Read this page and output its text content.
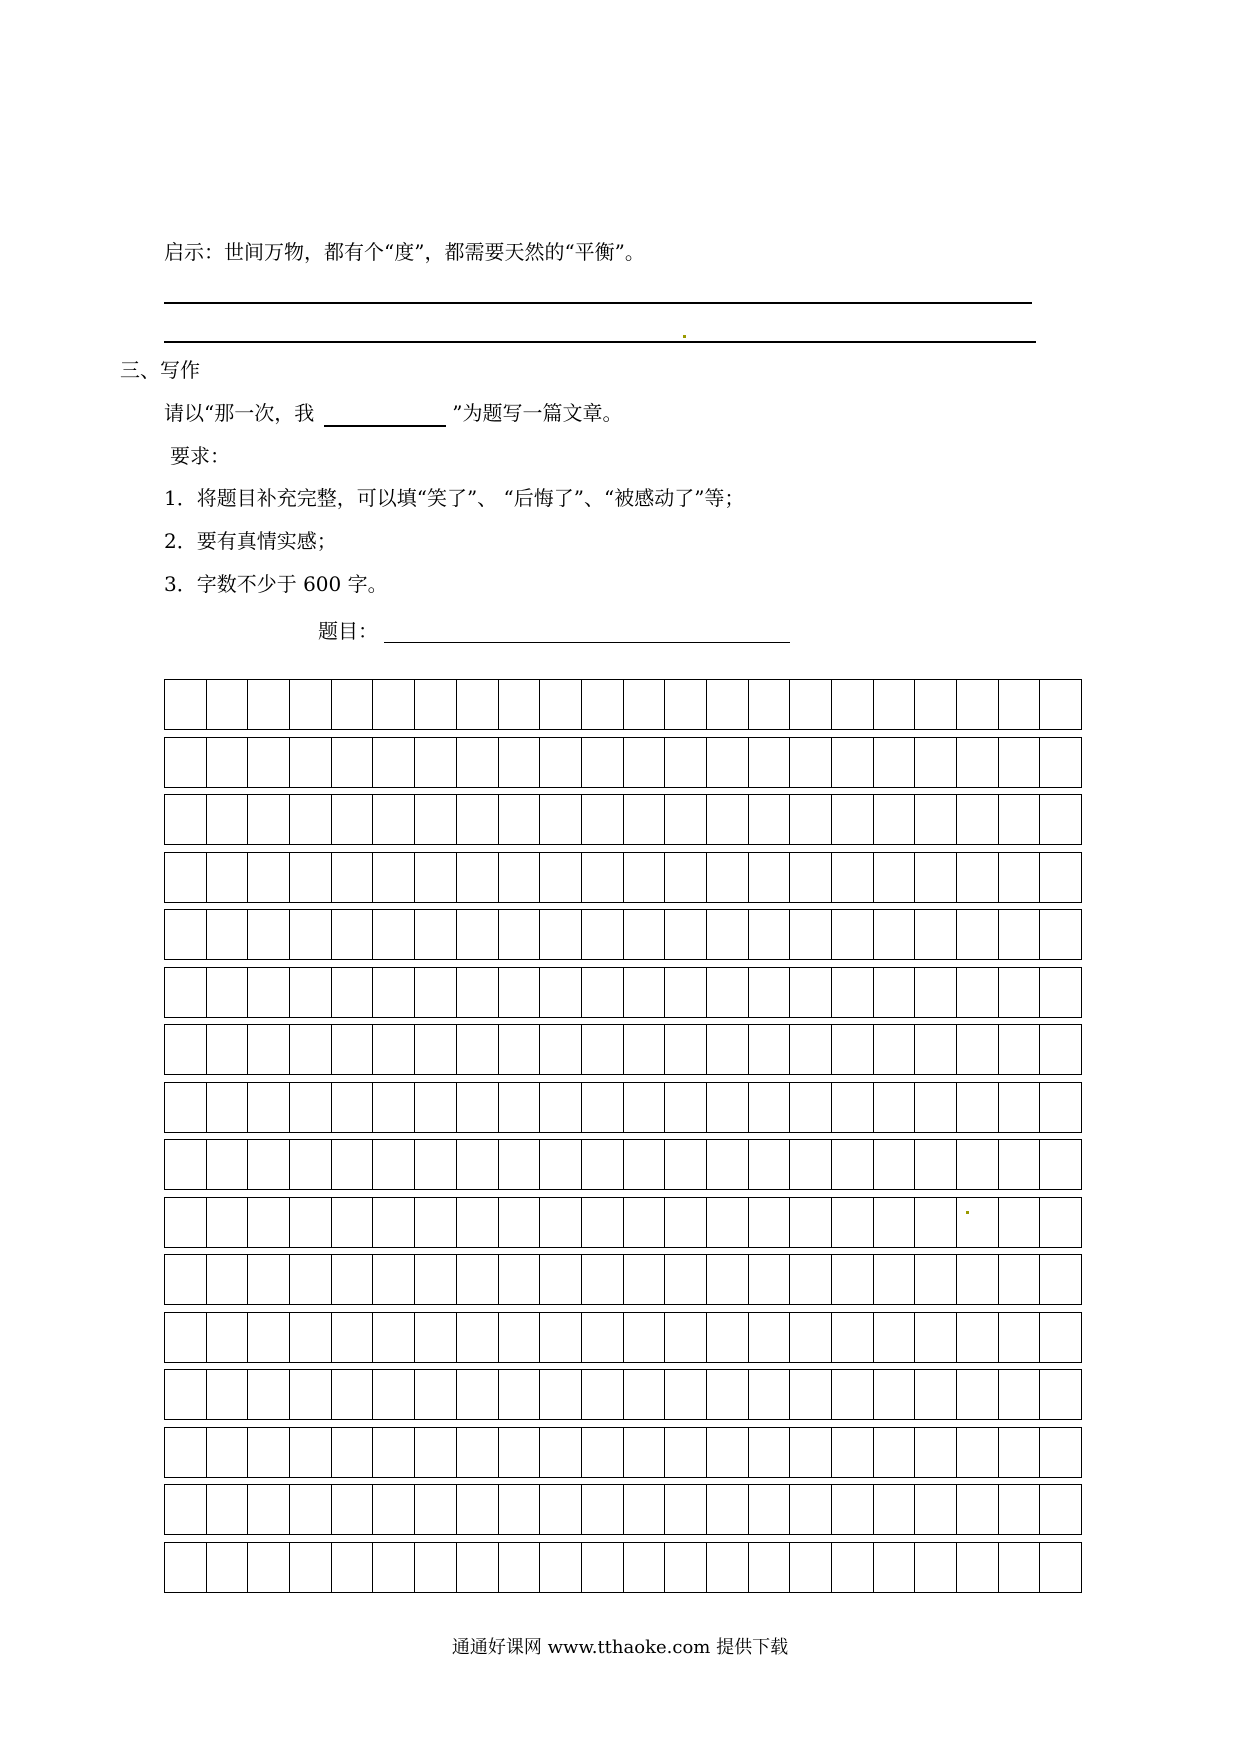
启示：世间万物，都有个“度”，都需要天然的“平衡”。
三、写作
请以“那一次，我	”为题写一篇文章。
要求：
1．将题目补充完整，可以填“笑了”、 “后悔了”、“被感动了”等；
2．要有真情实感；
3．字数不少于 600 字。
题目：
通通好课网 www.tthaoke.com 提供下载
